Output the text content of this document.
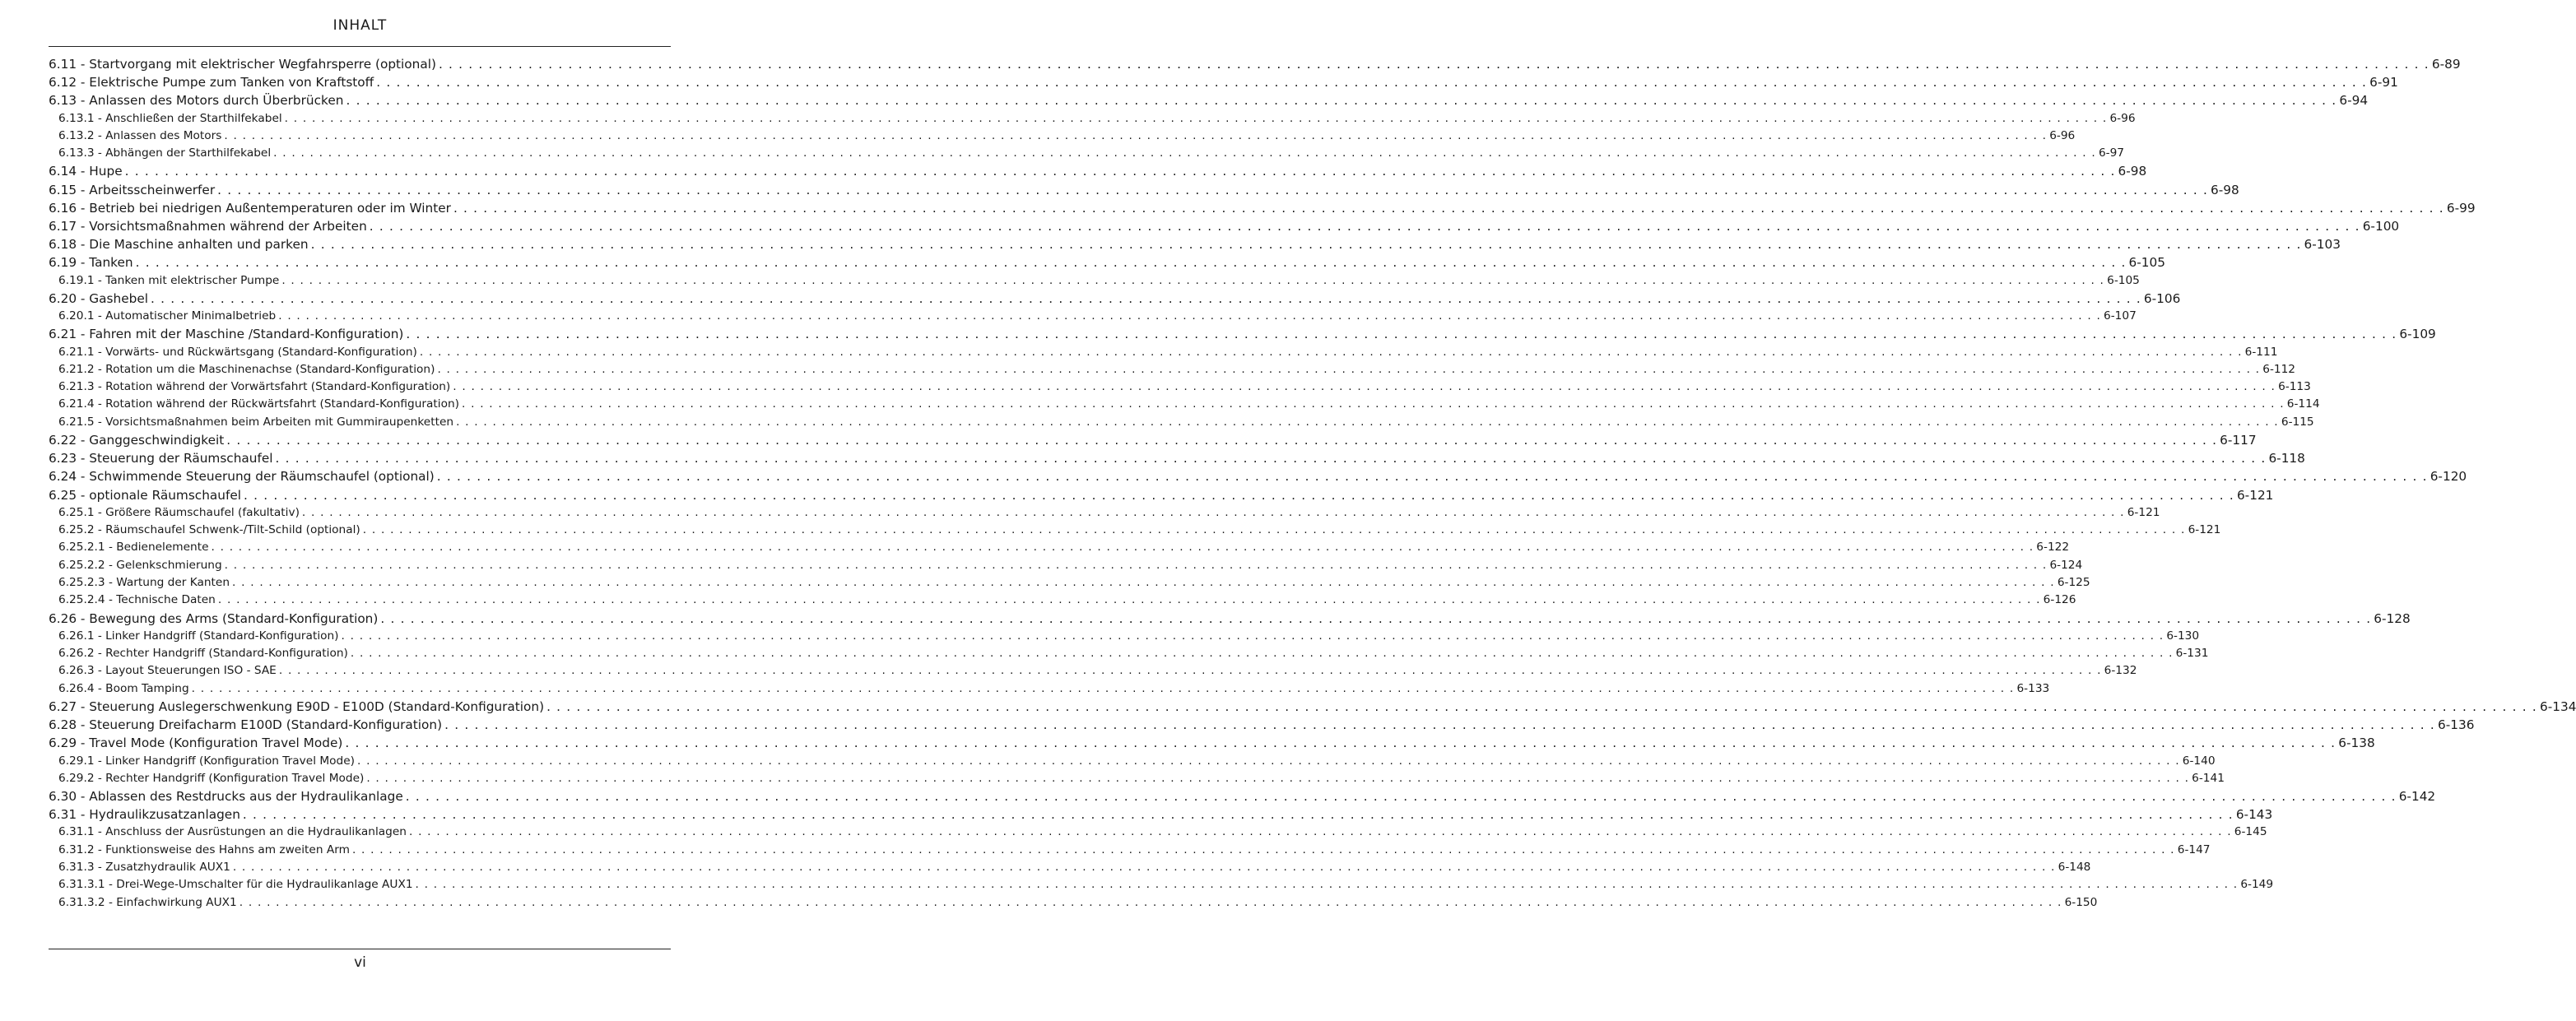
INHALT
6.11 - Startvorgang mit elektrischer Wegfahrsperre (optional) . . . . . . . . . . . . . . . . . . . . . . . . . . . . . . . . . . . . . . . . . . . . . . . . . . . . . . . . . . . . . . . . . . . . . . . . . . . . . . . . . . . . . . . . . . . . . . . . . . . . . . . . . . . . . . . . . . . . . . . . . . . . . . . . . . . . . . . . . . . . . . . . . . . . . . . . . . . . . . . . . . . . . . . . . . . . . . . . . . . . . . . . . . . . . . . . . . . . . . . . 6-89
6.12 - Elektrische Pumpe zum Tanken von Kraftstoff . . . . . . . . . . . . . . . . . . . . . . . . . . . . . . . . . . . . . . . . . . . . . . . . . . . . . . . . . . . . . . . . . . . . . . . . . . . . . . . . . . . . . . . . . . . . . . . . . . . . . . . . . . . . . . . . . . . . . . . . . . . . . . . . . . . . . . . . . . . . . . . . . . . . . . . . . . . . . . . . . . . . . . . . . . . . . . . . . . . . . . . . . . . . . . . . . . . . . . . . 6-91
6.13 - Anlassen des Motors durch Überbrücken . . . . . . . . . . . . . . . . . . . . . . . . . . . . . . . . . . . . . . . . . . . . . . . . . . . . . . . . . . . . . . . . . . . . . . . . . . . . . . . . . . . . . . . . . . . . . . . . . . . . . . . . . . . . . . . . . . . . . . . . . . . . . . . . . . . . . . . . . . . . . . . . . . . . . . . . . . . . . . . . . . . . . . . . . . . . . . . . . . . . . . . . . . . . . . . . . . . . . . . . 6-94
6.13.1 - Anschließen der Starthilfekabel . . . . . . . . . . . . . . . . . . . . . . . . . . . . . . . . . . . . . . . . . . . . . . . . . . . . . . . . . . . . . . . . . . . . . . . . . . . . . . . . . . . . . . . . . . . . . . . . . . . . . . . . . . . . . . . . . . . . . . . . . . . . . . . . . . . . . . . . . . . . . . . . . . . . . . . . . . . . . . . . . . . . . . . . . . . . . . . . . . . . . . . . . . . . . . . . . . . . . . . . 6-96
6.13.2 - Anlassen des Motors . . . . . . . . . . . . . . . . . . . . . . . . . . . . . . . . . . . . . . . . . . . . . . . . . . . . . . . . . . . . . . . . . . . . . . . . . . . . . . . . . . . . . . . . . . . . . . . . . . . . . . . . . . . . . . . . . . . . . . . . . . . . . . . . . . . . . . . . . . . . . . . . . . . . . . . . . . . . . . . . . . . . . . . . . . . . . . . . . . . . . . . . . . . . . . . . . . . . . . . . 6-96
6.13.3 - Abhängen der Starthilfekabel . . . . . . . . . . . . . . . . . . . . . . . . . . . . . . . . . . . . . . . . . . . . . . . . . . . . . . . . . . . . . . . . . . . . . . . . . . . . . . . . . . . . . . . . . . . . . . . . . . . . . . . . . . . . . . . . . . . . . . . . . . . . . . . . . . . . . . . . . . . . . . . . . . . . . . . . . . . . . . . . . . . . . . . . . . . . . . . . . . . . . . . . . . . . . . . . . . . . . . . . 6-97
6.14 - Hupe . . . . . . . . . . . . . . . . . . . . . . . . . . . . . . . . . . . . . . . . . . . . . . . . . . . . . . . . . . . . . . . . . . . . . . . . . . . . . . . . . . . . . . . . . . . . . . . . . . . . . . . . . . . . . . . . . . . . . . . . . . . . . . . . . . . . . . . . . . . . . . . . . . . . . . . . . . . . . . . . . . . . . . . . . . . . . . . . . . . . . . . . . . . . . . . . . . . . . . . . 6-98
6.15 - Arbeitsscheinwerfer . . . . . . . . . . . . . . . . . . . . . . . . . . . . . . . . . . . . . . . . . . . . . . . . . . . . . . . . . . . . . . . . . . . . . . . . . . . . . . . . . . . . . . . . . . . . . . . . . . . . . . . . . . . . . . . . . . . . . . . . . . . . . . . . . . . . . . . . . . . . . . . . . . . . . . . . . . . . . . . . . . . . . . . . . . . . . . . . . . . . . . . . . . . . . . . . . . . . . . . . 6-98
6.16 - Betrieb bei niedrigen Außentemperaturen oder im Winter . . . . . . . . . . . . . . . . . . . . . . . . . . . . . . . . . . . . . . . . . . . . . . . . . . . . . . . . . . . . . . . . . . . . . . . . . . . . . . . . . . . . . . . . . . . . . . . . . . . . . . . . . . . . . . . . . . . . . . . . . . . . . . . . . . . . . . . . . . . . . . . . . . . . . . . . . . . . . . . . . . . . . . . . . . . . . . . . . . . . . . . . . . . . . . . . . . . . . . . . 6-99
6.17 - Vorsichtsmaßnahmen während der Arbeiten . . . . . . . . . . . . . . . . . . . . . . . . . . . . . . . . . . . . . . . . . . . . . . . . . . . . . . . . . . . . . . . . . . . . . . . . . . . . . . . . . . . . . . . . . . . . . . . . . . . . . . . . . . . . . . . . . . . . . . . . . . . . . . . . . . . . . . . . . . . . . . . . . . . . . . . . . . . . . . . . . . . . . . . . . . . . . . . . . . . . . . . . . . . . . . . . . . . . . . . . 6-100
6.18 - Die Maschine anhalten und parken . . . . . . . . . . . . . . . . . . . . . . . . . . . . . . . . . . . . . . . . . . . . . . . . . . . . . . . . . . . . . . . . . . . . . . . . . . . . . . . . . . . . . . . . . . . . . . . . . . . . . . . . . . . . . . . . . . . . . . . . . . . . . . . . . . . . . . . . . . . . . . . . . . . . . . . . . . . . . . . . . . . . . . . . . . . . . . . . . . . . . . . . . . . . . . . . . . . . . . . . 6-103
6.19 - Tanken . . . . . . . . . . . . . . . . . . . . . . . . . . . . . . . . . . . . . . . . . . . . . . . . . . . . . . . . . . . . . . . . . . . . . . . . . . . . . . . . . . . . . . . . . . . . . . . . . . . . . . . . . . . . . . . . . . . . . . . . . . . . . . . . . . . . . . . . . . . . . . . . . . . . . . . . . . . . . . . . . . . . . . . . . . . . . . . . . . . . . . . . . . . . . . . . . . . . . . . . 6-105
6.19.1 - Tanken mit elektrischer Pumpe . . . . . . . . . . . . . . . . . . . . . . . . . . . . . . . . . . . . . . . . . . . . . . . . . . . . . . . . . . . . . . . . . . . . . . . . . . . . . . . . . . . . . . . . . . . . . . . . . . . . . . . . . . . . . . . . . . . . . . . . . . . . . . . . . . . . . . . . . . . . . . . . . . . . . . . . . . . . . . . . . . . . . . . . . . . . . . . . . . . . . . . . . . . . . . . . . . . . . . . . 6-105
6.20 - Gashebel . . . . . . . . . . . . . . . . . . . . . . . . . . . . . . . . . . . . . . . . . . . . . . . . . . . . . . . . . . . . . . . . . . . . . . . . . . . . . . . . . . . . . . . . . . . . . . . . . . . . . . . . . . . . . . . . . . . . . . . . . . . . . . . . . . . . . . . . . . . . . . . . . . . . . . . . . . . . . . . . . . . . . . . . . . . . . . . . . . . . . . . . . . . . . . . . . . . . . . . . 6-106
6.20.1 - Automatischer Minimalbetrieb . . . . . . . . . . . . . . . . . . . . . . . . . . . . . . . . . . . . . . . . . . . . . . . . . . . . . . . . . . . . . . . . . . . . . . . . . . . . . . . . . . . . . . . . . . . . . . . . . . . . . . . . . . . . . . . . . . . . . . . . . . . . . . . . . . . . . . . . . . . . . . . . . . . . . . . . . . . . . . . . . . . . . . . . . . . . . . . . . . . . . . . . . . . . . . . . . . . . . . . . 6-107
6.21 - Fahren mit der Maschine /Standard-Konfiguration) . . . . . . . . . . . . . . . . . . . . . . . . . . . . . . . . . . . . . . . . . . . . . . . . . . . . . . . . . . . . . . . . . . . . . . . . . . . . . . . . . . . . . . . . . . . . . . . . . . . . . . . . . . . . . . . . . . . . . . . . . . . . . . . . . . . . . . . . . . . . . . . . . . . . . . . . . . . . . . . . . . . . . . . . . . . . . . . . . . . . . . . . . . . . . . . . . . . . . . . . 6-109
6.21.1 - Vorwärts- und Rückwärtsgang (Standard-Konfiguration) . . . . . . . . . . . . . . . . . . . . . . . . . . . . . . . . . . . . . . . . . . . . . . . . . . . . . . . . . . . . . . . . . . . . . . . . . . . . . . . . . . . . . . . . . . . . . . . . . . . . . . . . . . . . . . . . . . . . . . . . . . . . . . . . . . . . . . . . . . . . . . . . . . . . . . . . . . . . . . . . . . . . . . . . . . . . . . . . . . . . . . . . . . . . . . . . . . . . . . . . 6-111
6.21.2 - Rotation um die Maschinenachse (Standard-Konfiguration) . . . . . . . . . . . . . . . . . . . . . . . . . . . . . . . . . . . . . . . . . . . . . . . . . . . . . . . . . . . . . . . . . . . . . . . . . . . . . . . . . . . . . . . . . . . . . . . . . . . . . . . . . . . . . . . . . . . . . . . . . . . . . . . . . . . . . . . . . . . . . . . . . . . . . . . . . . . . . . . . . . . . . . . . . . . . . . . . . . . . . . . . . . . . . . . . . . . . . . . . 6-112
6.21.3 - Rotation während der Vorwärtsfahrt (Standard-Konfiguration) . . . . . . . . . . . . . . . . . . . . . . . . . . . . . . . . . . . . . . . . . . . . . . . . . . . . . . . . . . . . . . . . . . . . . . . . . . . . . . . . . . . . . . . . . . . . . . . . . . . . . . . . . . . . . . . . . . . . . . . . . . . . . . . . . . . . . . . . . . . . . . . . . . . . . . . . . . . . . . . . . . . . . . . . . . . . . . . . . . . . . . . . . . . . . . . . . . . . . . . . 6-113
6.21.4 - Rotation während der Rückwärtsfahrt (Standard-Konfiguration) . . . . . . . . . . . . . . . . . . . . . . . . . . . . . . . . . . . . . . . . . . . . . . . . . . . . . . . . . . . . . . . . . . . . . . . . . . . . . . . . . . . . . . . . . . . . . . . . . . . . . . . . . . . . . . . . . . . . . . . . . . . . . . . . . . . . . . . . . . . . . . . . . . . . . . . . . . . . . . . . . . . . . . . . . . . . . . . . . . . . . . . . . . . . . . . . . . . . . . . . 6-114
6.21.5 - Vorsichtsmaßnahmen beim Arbeiten mit Gummiraupenketten . . . . . . . . . . . . . . . . . . . . . . . . . . . . . . . . . . . . . . . . . . . . . . . . . . . . . . . . . . . . . . . . . . . . . . . . . . . . . . . . . . . . . . . . . . . . . . . . . . . . . . . . . . . . . . . . . . . . . . . . . . . . . . . . . . . . . . . . . . . . . . . . . . . . . . . . . . . . . . . . . . . . . . . . . . . . . . . . . . . . . . . . . . . . . . . . . . . . . . . . 6-115
6.22 - Ganggeschwindigkeit . . . . . . . . . . . . . . . . . . . . . . . . . . . . . . . . . . . . . . . . . . . . . . . . . . . . . . . . . . . . . . . . . . . . . . . . . . . . . . . . . . . . . . . . . . . . . . . . . . . . . . . . . . . . . . . . . . . . . . . . . . . . . . . . . . . . . . . . . . . . . . . . . . . . . . . . . . . . . . . . . . . . . . . . . . . . . . . . . . . . . . . . . . . . . . . . . . . . . . . . 6-117
6.23 - Steuerung der Räumschaufel . . . . . . . . . . . . . . . . . . . . . . . . . . . . . . . . . . . . . . . . . . . . . . . . . . . . . . . . . . . . . . . . . . . . . . . . . . . . . . . . . . . . . . . . . . . . . . . . . . . . . . . . . . . . . . . . . . . . . . . . . . . . . . . . . . . . . . . . . . . . . . . . . . . . . . . . . . . . . . . . . . . . . . . . . . . . . . . . . . . . . . . . . . . . . . . . . . . . . . . . 6-118
6.24 - Schwimmende Steuerung der Räumschaufel (optional) . . . . . . . . . . . . . . . . . . . . . . . . . . . . . . . . . . . . . . . . . . . . . . . . . . . . . . . . . . . . . . . . . . . . . . . . . . . . . . . . . . . . . . . . . . . . . . . . . . . . . . . . . . . . . . . . . . . . . . . . . . . . . . . . . . . . . . . . . . . . . . . . . . . . . . . . . . . . . . . . . . . . . . . . . . . . . . . . . . . . . . . . . . . . . . . . . . . . . . . . 6-120
6.25 - optionale Räumschaufel . . . . . . . . . . . . . . . . . . . . . . . . . . . . . . . . . . . . . . . . . . . . . . . . . . . . . . . . . . . . . . . . . . . . . . . . . . . . . . . . . . . . . . . . . . . . . . . . . . . . . . . . . . . . . . . . . . . . . . . . . . . . . . . . . . . . . . . . . . . . . . . . . . . . . . . . . . . . . . . . . . . . . . . . . . . . . . . . . . . . . . . . . . . . . . . . . . . . . . . . 6-121
6.25.1 - Größere Räumschaufel (fakultativ) . . . . . . . . . . . . . . . . . . . . . . . . . . . . . . . . . . . . . . . . . . . . . . . . . . . . . . . . . . . . . . . . . . . . . . . . . . . . . . . . . . . . . . . . . . . . . . . . . . . . . . . . . . . . . . . . . . . . . . . . . . . . . . . . . . . . . . . . . . . . . . . . . . . . . . . . . . . . . . . . . . . . . . . . . . . . . . . . . . . . . . . . . . . . . . . . . . . . . . . . 6-121
6.25.2 - Räumschaufel Schwenk-/Tilt-Schild (optional) . . . . . . . . . . . . . . . . . . . . . . . . . . . . . . . . . . . . . . . . . . . . . . . . . . . . . . . . . . . . . . . . . . . . . . . . . . . . . . . . . . . . . . . . . . . . . . . . . . . . . . . . . . . . . . . . . . . . . . . . . . . . . . . . . . . . . . . . . . . . . . . . . . . . . . . . . . . . . . . . . . . . . . . . . . . . . . . . . . . . . . . . . . . . . . . . . . . . . . . . 6-121
6.25.2.1 - Bedienelemente . . . . . . . . . . . . . . . . . . . . . . . . . . . . . . . . . . . . . . . . . . . . . . . . . . . . . . . . . . . . . . . . . . . . . . . . . . . . . . . . . . . . . . . . . . . . . . . . . . . . . . . . . . . . . . . . . . . . . . . . . . . . . . . . . . . . . . . . . . . . . . . . . . . . . . . . . . . . . . . . . . . . . . . . . . . . . . . . . . . . . . . . . . . . . . . . . . . . . . . . 6-122
6.25.2.2 - Gelenkschmierung . . . . . . . . . . . . . . . . . . . . . . . . . . . . . . . . . . . . . . . . . . . . . . . . . . . . . . . . . . . . . . . . . . . . . . . . . . . . . . . . . . . . . . . . . . . . . . . . . . . . . . . . . . . . . . . . . . . . . . . . . . . . . . . . . . . . . . . . . . . . . . . . . . . . . . . . . . . . . . . . . . . . . . . . . . . . . . . . . . . . . . . . . . . . . . . . . . . . . . . . 6-124
6.25.2.3 - Wartung der Kanten . . . . . . . . . . . . . . . . . . . . . . . . . . . . . . . . . . . . . . . . . . . . . . . . . . . . . . . . . . . . . . . . . . . . . . . . . . . . . . . . . . . . . . . . . . . . . . . . . . . . . . . . . . . . . . . . . . . . . . . . . . . . . . . . . . . . . . . . . . . . . . . . . . . . . . . . . . . . . . . . . . . . . . . . . . . . . . . . . . . . . . . . . . . . . . . . . . . . . . . . 6-125
6.25.2.4 - Technische Daten . . . . . . . . . . . . . . . . . . . . . . . . . . . . . . . . . . . . . . . . . . . . . . . . . . . . . . . . . . . . . . . . . . . . . . . . . . . . . . . . . . . . . . . . . . . . . . . . . . . . . . . . . . . . . . . . . . . . . . . . . . . . . . . . . . . . . . . . . . . . . . . . . . . . . . . . . . . . . . . . . . . . . . . . . . . . . . . . . . . . . . . . . . . . . . . . . . . . . . . . 6-126
6.26 - Bewegung des Arms (Standard-Konfiguration) . . . . . . . . . . . . . . . . . . . . . . . . . . . . . . . . . . . . . . . . . . . . . . . . . . . . . . . . . . . . . . . . . . . . . . . . . . . . . . . . . . . . . . . . . . . . . . . . . . . . . . . . . . . . . . . . . . . . . . . . . . . . . . . . . . . . . . . . . . . . . . . . . . . . . . . . . . . . . . . . . . . . . . . . . . . . . . . . . . . . . . . . . . . . . . . . . . . . . . . . 6-128
6.26.1 - Linker Handgriff (Standard-Konfiguration) . . . . . . . . . . . . . . . . . . . . . . . . . . . . . . . . . . . . . . . . . . . . . . . . . . . . . . . . . . . . . . . . . . . . . . . . . . . . . . . . . . . . . . . . . . . . . . . . . . . . . . . . . . . . . . . . . . . . . . . . . . . . . . . . . . . . . . . . . . . . . . . . . . . . . . . . . . . . . . . . . . . . . . . . . . . . . . . . . . . . . . . . . . . . . . . . . . . . . . . . 6-130
6.26.2 - Rechter Handgriff (Standard-Konfiguration) . . . . . . . . . . . . . . . . . . . . . . . . . . . . . . . . . . . . . . . . . . . . . . . . . . . . . . . . . . . . . . . . . . . . . . . . . . . . . . . . . . . . . . . . . . . . . . . . . . . . . . . . . . . . . . . . . . . . . . . . . . . . . . . . . . . . . . . . . . . . . . . . . . . . . . . . . . . . . . . . . . . . . . . . . . . . . . . . . . . . . . . . . . . . . . . . . . . . . . . . 6-131
6.26.3 - Layout Steuerungen ISO - SAE . . . . . . . . . . . . . . . . . . . . . . . . . . . . . . . . . . . . . . . . . . . . . . . . . . . . . . . . . . . . . . . . . . . . . . . . . . . . . . . . . . . . . . . . . . . . . . . . . . . . . . . . . . . . . . . . . . . . . . . . . . . . . . . . . . . . . . . . . . . . . . . . . . . . . . . . . . . . . . . . . . . . . . . . . . . . . . . . . . . . . . . . . . . . . . . . . . . . . . . . 6-132
6.26.4 - Boom Tamping . . . . . . . . . . . . . . . . . . . . . . . . . . . . . . . . . . . . . . . . . . . . . . . . . . . . . . . . . . . . . . . . . . . . . . . . . . . . . . . . . . . . . . . . . . . . . . . . . . . . . . . . . . . . . . . . . . . . . . . . . . . . . . . . . . . . . . . . . . . . . . . . . . . . . . . . . . . . . . . . . . . . . . . . . . . . . . . . . . . . . . . . . . . . . . . . . . . . . . . . 6-133
6.27 - Steuerung Auslegerschwenkung E90D - E100D (Standard-Konfiguration) . . . . . . . . . . . . . . . . . . . . . . . . . . . . . . . . . . . . . . . . . . . . . . . . . . . . . . . . . . . . . . . . . . . . . . . . . . . . . . . . . . . . . . . . . . . . . . . . . . . . . . . . . . . . . . . . . . . . . . . . . . . . . . . . . . . . . . . . . . . . . . . . . . . . . . . . . . . . . . . . . . . . . . . . . . . . . . . . . . . . . . . . . . . . . . . . . . . . . . . . 6-134
6.28 - Steuerung Dreifacharm E100D (Standard-Konfiguration) . . . . . . . . . . . . . . . . . . . . . . . . . . . . . . . . . . . . . . . . . . . . . . . . . . . . . . . . . . . . . . . . . . . . . . . . . . . . . . . . . . . . . . . . . . . . . . . . . . . . . . . . . . . . . . . . . . . . . . . . . . . . . . . . . . . . . . . . . . . . . . . . . . . . . . . . . . . . . . . . . . . . . . . . . . . . . . . . . . . . . . . . . . . . . . . . . . . . . . . . 6-136
6.29 - Travel Mode (Konfiguration Travel Mode) . . . . . . . . . . . . . . . . . . . . . . . . . . . . . . . . . . . . . . . . . . . . . . . . . . . . . . . . . . . . . . . . . . . . . . . . . . . . . . . . . . . . . . . . . . . . . . . . . . . . . . . . . . . . . . . . . . . . . . . . . . . . . . . . . . . . . . . . . . . . . . . . . . . . . . . . . . . . . . . . . . . . . . . . . . . . . . . . . . . . . . . . . . . . . . . . . . . . . . . . 6-138
6.29.1 - Linker Handgriff (Konfiguration Travel Mode) . . . . . . . . . . . . . . . . . . . . . . . . . . . . . . . . . . . . . . . . . . . . . . . . . . . . . . . . . . . . . . . . . . . . . . . . . . . . . . . . . . . . . . . . . . . . . . . . . . . . . . . . . . . . . . . . . . . . . . . . . . . . . . . . . . . . . . . . . . . . . . . . . . . . . . . . . . . . . . . . . . . . . . . . . . . . . . . . . . . . . . . . . . . . . . . . . . . . . . . . 6-140
6.29.2 - Rechter Handgriff (Konfiguration Travel Mode) . . . . . . . . . . . . . . . . . . . . . . . . . . . . . . . . . . . . . . . . . . . . . . . . . . . . . . . . . . . . . . . . . . . . . . . . . . . . . . . . . . . . . . . . . . . . . . . . . . . . . . . . . . . . . . . . . . . . . . . . . . . . . . . . . . . . . . . . . . . . . . . . . . . . . . . . . . . . . . . . . . . . . . . . . . . . . . . . . . . . . . . . . . . . . . . . . . . . . . . . 6-141
6.30 - Ablassen des Restdrucks aus der Hydraulikanlage . . . . . . . . . . . . . . . . . . . . . . . . . . . . . . . . . . . . . . . . . . . . . . . . . . . . . . . . . . . . . . . . . . . . . . . . . . . . . . . . . . . . . . . . . . . . . . . . . . . . . . . . . . . . . . . . . . . . . . . . . . . . . . . . . . . . . . . . . . . . . . . . . . . . . . . . . . . . . . . . . . . . . . . . . . . . . . . . . . . . . . . . . . . . . . . . . . . . . . . . 6-142
6.31 - Hydraulikzusatzanlagen . . . . . . . . . . . . . . . . . . . . . . . . . . . . . . . . . . . . . . . . . . . . . . . . . . . . . . . . . . . . . . . . . . . . . . . . . . . . . . . . . . . . . . . . . . . . . . . . . . . . . . . . . . . . . . . . . . . . . . . . . . . . . . . . . . . . . . . . . . . . . . . . . . . . . . . . . . . . . . . . . . . . . . . . . . . . . . . . . . . . . . . . . . . . . . . . . . . . . . . . 6-143
6.31.1 - Anschluss der Ausrüstungen an die Hydraulikanlagen . . . . . . . . . . . . . . . . . . . . . . . . . . . . . . . . . . . . . . . . . . . . . . . . . . . . . . . . . . . . . . . . . . . . . . . . . . . . . . . . . . . . . . . . . . . . . . . . . . . . . . . . . . . . . . . . . . . . . . . . . . . . . . . . . . . . . . . . . . . . . . . . . . . . . . . . . . . . . . . . . . . . . . . . . . . . . . . . . . . . . . . . . . . . . . . . . . . . . . . . 6-145
6.31.2 - Funktionsweise des Hahns am zweiten Arm . . . . . . . . . . . . . . . . . . . . . . . . . . . . . . . . . . . . . . . . . . . . . . . . . . . . . . . . . . . . . . . . . . . . . . . . . . . . . . . . . . . . . . . . . . . . . . . . . . . . . . . . . . . . . . . . . . . . . . . . . . . . . . . . . . . . . . . . . . . . . . . . . . . . . . . . . . . . . . . . . . . . . . . . . . . . . . . . . . . . . . . . . . . . . . . . . . . . . . . . 6-147
6.31.3 - Zusatzhydraulik AUX1 . . . . . . . . . . . . . . . . . . . . . . . . . . . . . . . . . . . . . . . . . . . . . . . . . . . . . . . . . . . . . . . . . . . . . . . . . . . . . . . . . . . . . . . . . . . . . . . . . . . . . . . . . . . . . . . . . . . . . . . . . . . . . . . . . . . . . . . . . . . . . . . . . . . . . . . . . . . . . . . . . . . . . . . . . . . . . . . . . . . . . . . . . . . . . . . . . . . . . . . . 6-148
6.31.3.1 - Drei-Wege-Umschalter für die Hydraulikanlage AUX1 . . . . . . . . . . . . . . . . . . . . . . . . . . . . . . . . . . . . . . . . . . . . . . . . . . . . . . . . . . . . . . . . . . . . . . . . . . . . . . . . . . . . . . . . . . . . . . . . . . . . . . . . . . . . . . . . . . . . . . . . . . . . . . . . . . . . . . . . . . . . . . . . . . . . . . . . . . . . . . . . . . . . . . . . . . . . . . . . . . . . . . . . . . . . . . . . . . . . . . . . 6-149
6.31.3.2 - Einfachwirkung AUX1 . . . . . . . . . . . . . . . . . . . . . . . . . . . . . . . . . . . . . . . . . . . . . . . . . . . . . . . . . . . . . . . . . . . . . . . . . . . . . . . . . . . . . . . . . . . . . . . . . . . . . . . . . . . . . . . . . . . . . . . . . . . . . . . . . . . . . . . . . . . . . . . . . . . . . . . . . . . . . . . . . . . . . . . . . . . . . . . . . . . . . . . . . . . . . . . . . . . . . . . . 6-150
vi
